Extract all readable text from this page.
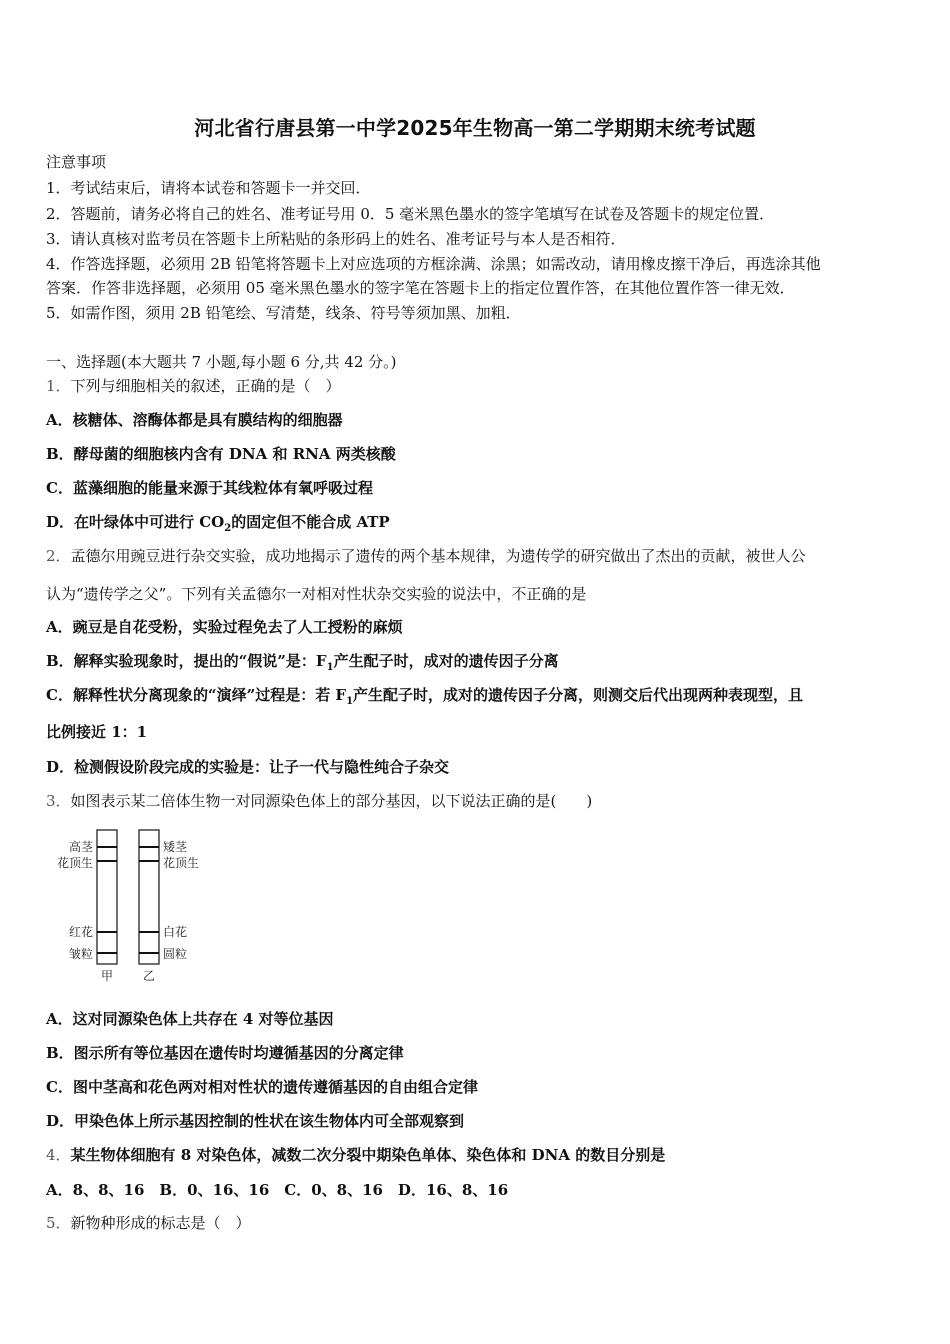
河北省行唐县第一中学2025年生物高一第二学期期末统考试题
注意事项
1．考试结束后，请将本试卷和答题卡一并交回．
2．答题前，请务必将自己的姓名、准考证号用 0．5 毫米黑色墨水的签字笔填写在试卷及答题卡的规定位置．
3．请认真核对监考员在答题卡上所粘贴的条形码上的姓名、准考证号与本人是否相符．
4．作答选择题，必须用 2B 铅笔将答题卡上对应选项的方框涂满、涂黑；如需改动，请用橡皮擦干净后，再选涂其他
答案．作答非选择题，必须用 05 毫米黑色墨水的签字笔在答题卡上的指定位置作答，在其他位置作答一律无效．
5．如需作图，须用 2B 铅笔绘、写清楚，线条、符号等须加黑、加粗．
一、选择题(本大题共 7 小题,每小题 6 分,共 42 分。)
1．下列与细胞相关的叙述，正确的是（　）
A．核糖体、溶酶体都是具有膜结构的细胞器
B．酵母菌的细胞核内含有 DNA 和 RNA 两类核酸
C．蓝藻细胞的能量来源于其线粒体有氧呼吸过程
D．在叶绿体中可进行 $CO_2$的固定但不能合成 ATP
2．孟德尔用豌豆进行杂交实验，成功地揭示了遗传的两个基本规律，为遗传学的研究做出了杰出的贡献，被世人公
认为“遗传学之父”。下列有关孟德尔一对相对性状杂交实验的说法中，不正确的是
A．豌豆是自花受粉，实验过程免去了人工授粉的麻烦
B．解释实验现象时，提出的“假说”是：$F_1$产生配子时，成对的遗传因子分离
C．解释性状分离现象的“演绎”过程是：若 $F_1$产生配子时，成对的遗传因子分离，则测交后代出现两种表现型，且
比例接近 1：1
D．检测假设阶段完成的实验是：让子一代与隐性纯合子杂交
3．如图表示某二倍体生物一对同源染色体上的部分基因，以下说法正确的是(　　)
高茎
花顶生
红花
皱粒
矮茎
花顶生
白花
圆粒
甲 乙
A．这对同源染色体上共存在 4 对等位基因
B．图示所有等位基因在遗传时均遵循基因的分离定律
C．图中茎高和花色两对相对性状的遗传遵循基因的自由组合定律
D．甲染色体上所示基因控制的性状在该生物体内可全部观察到
4．某生物体细胞有 8 对染色体，减数二次分裂中期染色单体、染色体和 DNA 的数目分别是
A．8、8、16　B．0、16、16　C．0、8、16　D．16、8、16
5．新物种形成的标志是（　）
